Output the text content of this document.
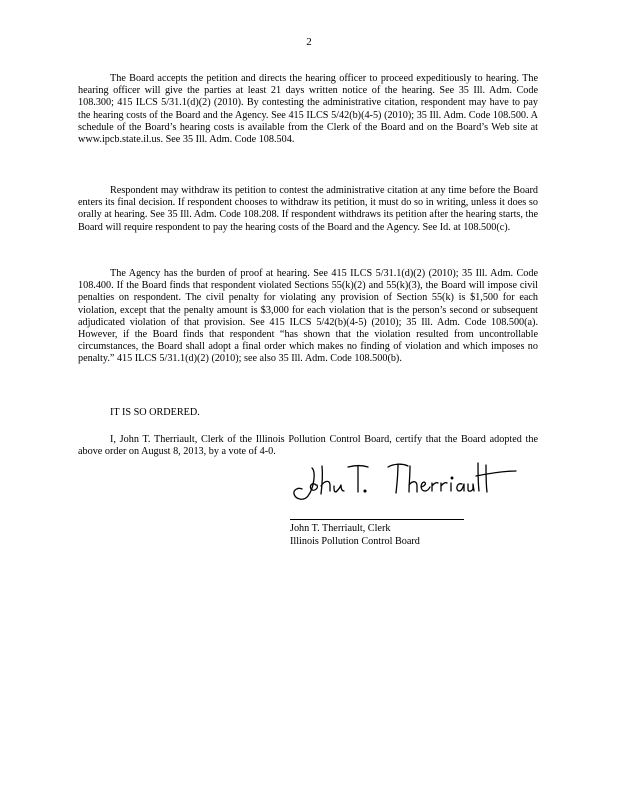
2

The Board accepts the petition and directs the hearing officer to proceed expeditiously to hearing. The hearing officer will give the parties at least 21 days written notice of the hearing. See 35 Ill. Adm. Code 108.300; 415 ILCS 5/31.1(d)(2) (2010). By contesting the administrative citation, respondent may have to pay the hearing costs of the Board and the Agency. See 415 ILCS 5/42(b)(4-5) (2010); 35 Ill. Adm. Code 108.500. A schedule of the Board’s hearing costs is available from the Clerk of the Board and on the Board’s Web site at www.ipcb.state.il.us. See 35 Ill. Adm. Code 108.504.

Respondent may withdraw its petition to contest the administrative citation at any time before the Board enters its final decision. If respondent chooses to withdraw its petition, it must do so in writing, unless it does so orally at hearing. See 35 Ill. Adm. Code 108.208. If respondent withdraws its petition after the hearing starts, the Board will require respondent to pay the hearing costs of the Board and the Agency. See Id. at 108.500(c).

The Agency has the burden of proof at hearing. See 415 ILCS 5/31.1(d)(2) (2010); 35 Ill. Adm. Code 108.400. If the Board finds that respondent violated Sections 55(k)(2) and 55(k)(3), the Board will impose civil penalties on respondent. The civil penalty for violating any provision of Section 55(k) is $1,500 for each violation, except that the penalty amount is $3,000 for each violation that is the person’s second or subsequent adjudicated violation of that provision. See 415 ILCS 5/42(b)(4-5) (2010); 35 Ill. Adm. Code 108.500(a). However, if the Board finds that respondent “has shown that the violation resulted from uncontrollable circumstances, the Board shall adopt a final order which makes no finding of violation and which imposes no penalty.” 415 ILCS 5/31.1(d)(2) (2010); see also 35 Ill. Adm. Code 108.500(b).

IT IS SO ORDERED.

I, John T. Therriault, Clerk of the Illinois Pollution Control Board, certify that the Board adopted the above order on August 8, 2013, by a vote of 4-0.

John T. Therriault, Clerk
Illinois Pollution Control Board
